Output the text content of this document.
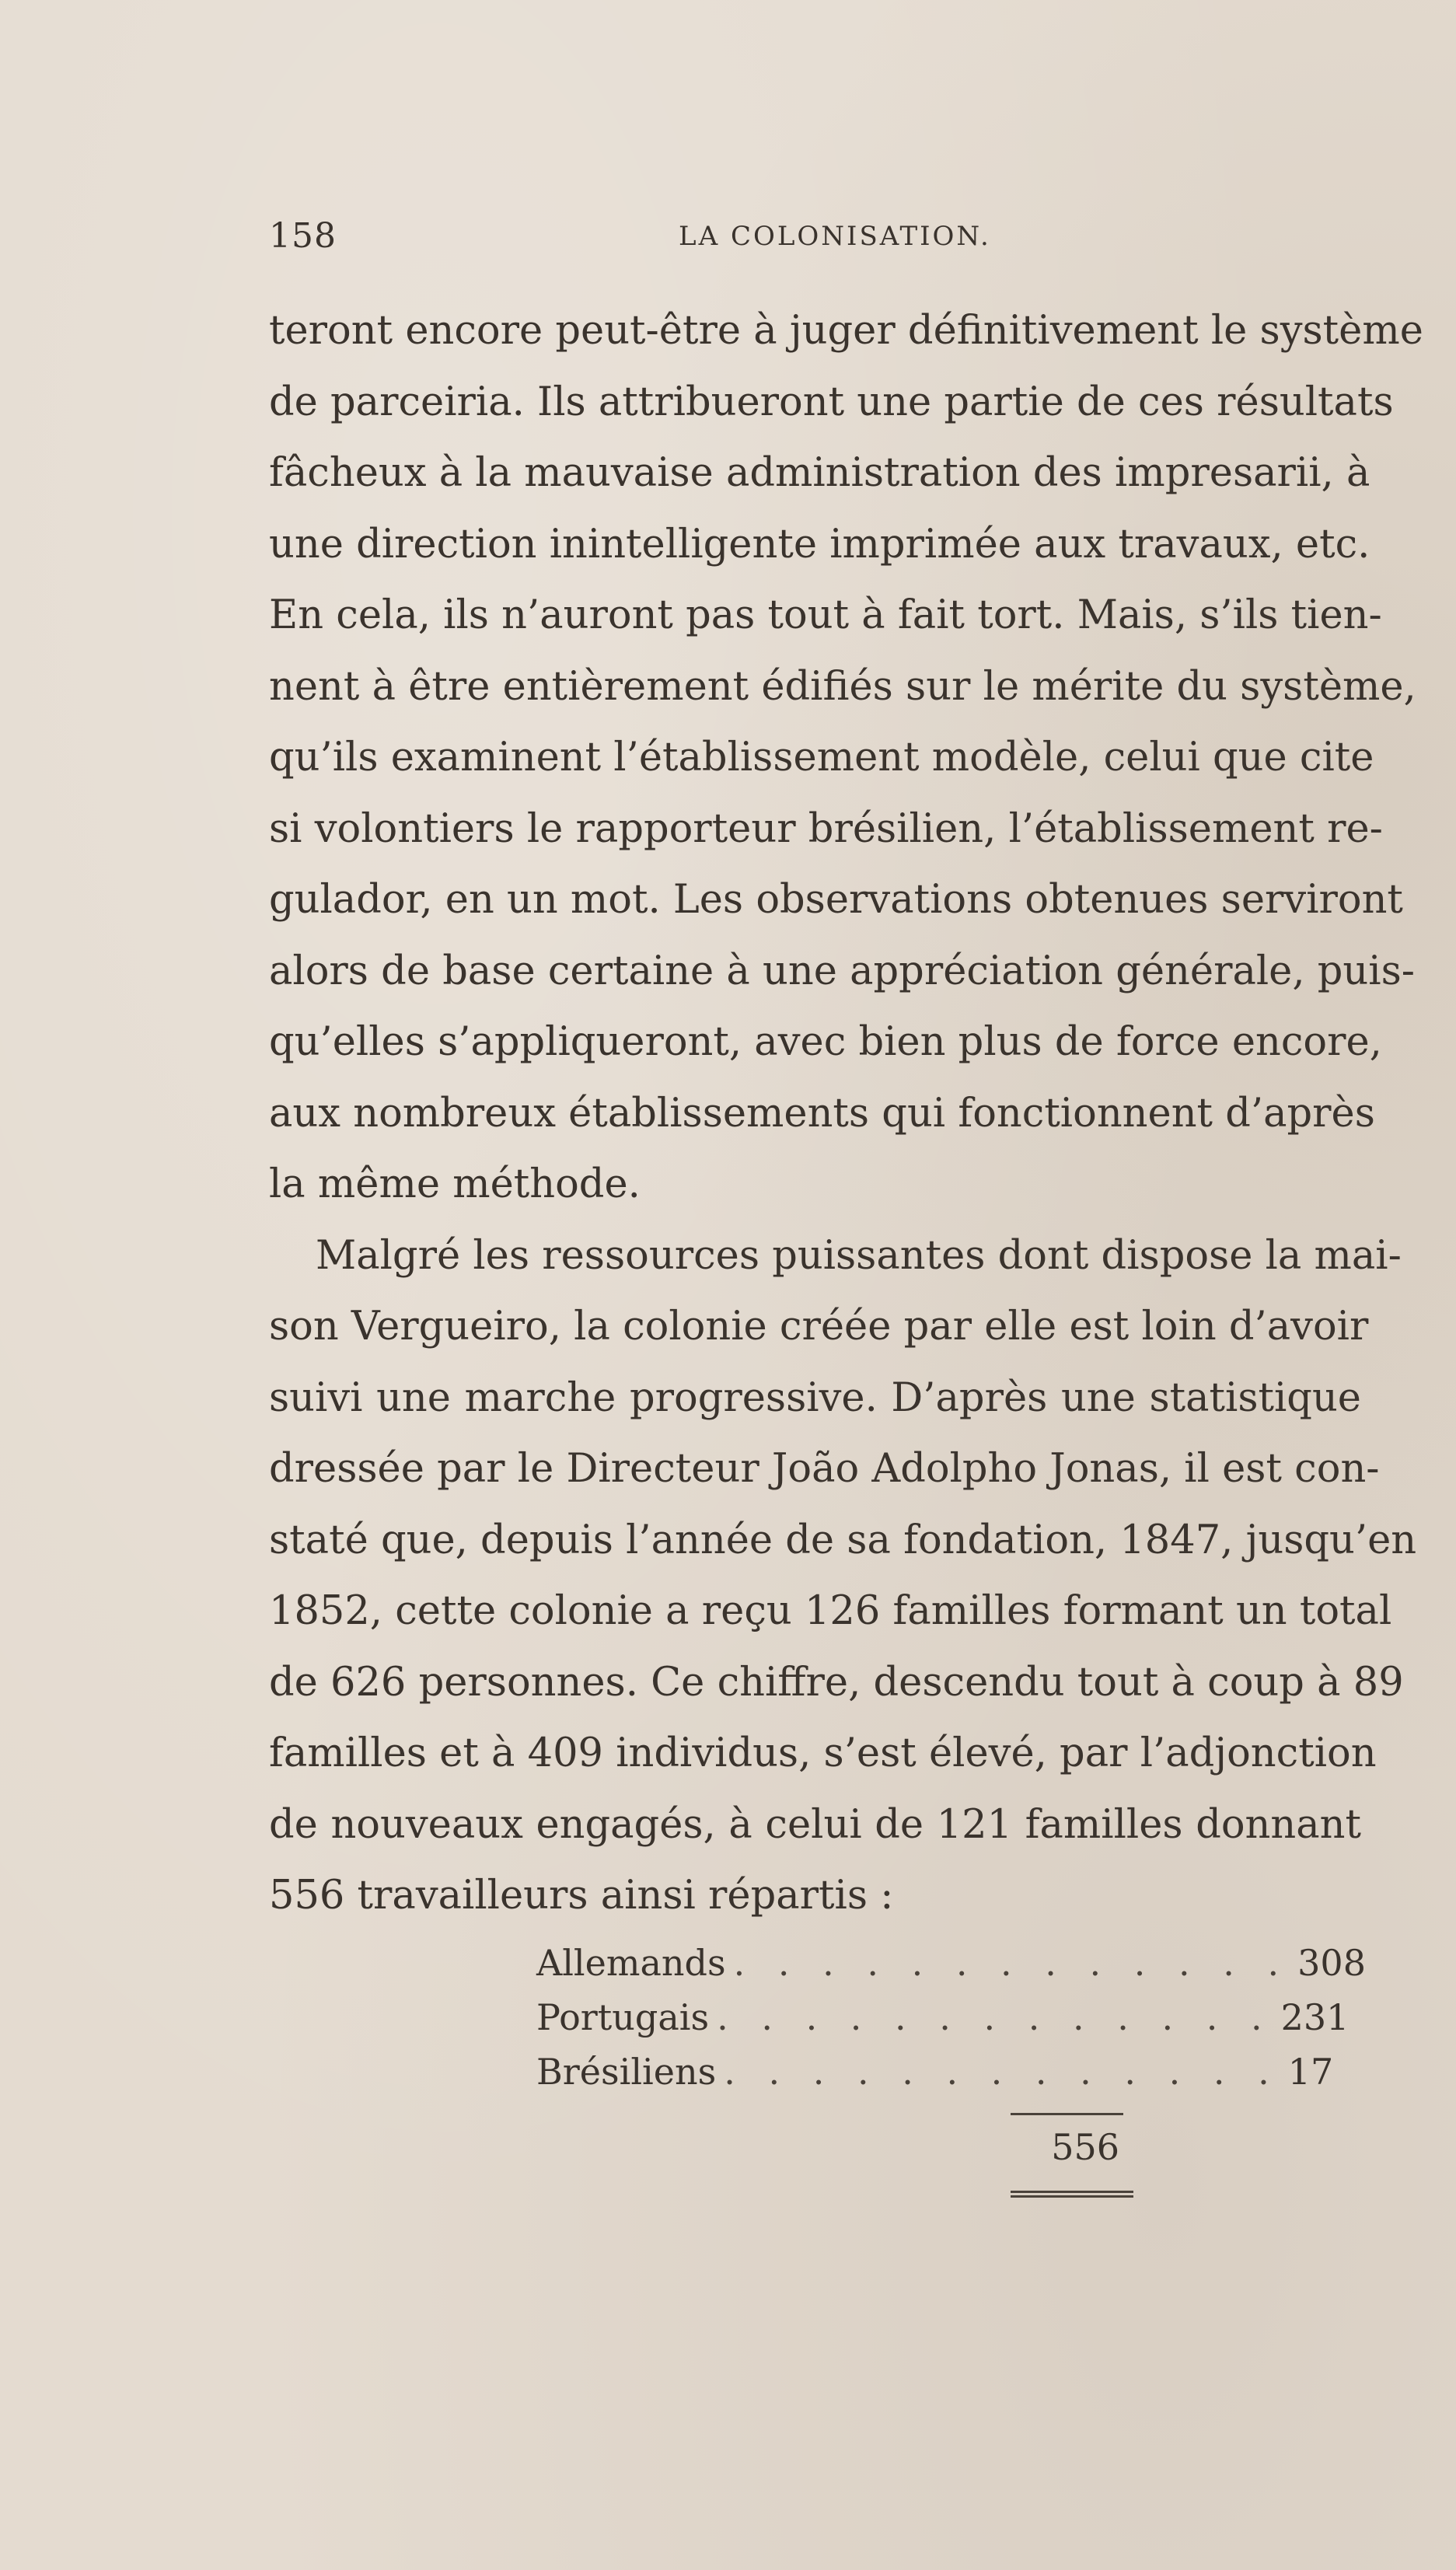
158	LA COLONISATION.
teront encore peut-être à juger définitivement le système
de parceiria. Ils attribueront une partie de ces résultats
fâcheux à la mauvaise administration des impresarii, à
une direction inintelligente imprimée aux travaux, etc.
En cela, ils n’auront pas tout à fait tort. Mais, s’ils tien-
nent à être entièrement édifiés sur le mérite du système,
qu’ils examinent l’établissement modèle, celui que cite
si volontiers le rapporteur brésilien, l’établissement re-
gulador, en un mot. Les observations obtenues serviront
alors de base certaine à une appréciation générale, puis-
qu’elles s’appliqueront, avec bien plus de force encore,
aux nombreux établissements qui fonctionnent d’après
la même méthode.
Malgré les ressources puissantes dont dispose la mai-
son Vergueiro, la colonie créée par elle est loin d’avoir
suivi une marche progressive. D’après une statistique
dressée par le Directeur João Adolpho Jonas, il est con-
staté que, depuis l’année de sa fondation, 1847, jusqu’en
1852, cette colonie a reçu 126 familles formant un total
de 626 personnes. Ce chiffre, descendu tout à coup à 89
familles et à 409 individus, s’est élevé, par l’adjonction
de nouveaux engagés, à celui de 121 familles donnant
556 travailleurs ainsi répartis :
Allemands . . . . . . . . . . . . . 308
Portugais . . . . . . . . . . . . . 231
Brésiliens . . . . . . . . . . . . . 17
556
